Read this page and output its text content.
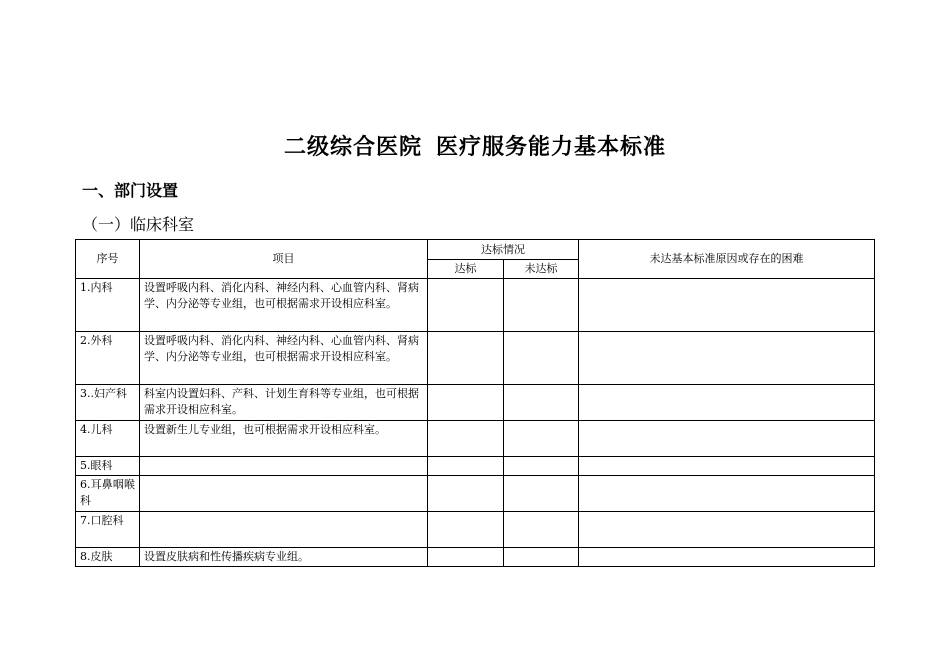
二级综合医院 医疗服务能力基本标准
一、部门设置
（一）临床科室
序号	项目	达标情况		未达基本标准原因或存在的困难
		达标	未达标	
1.内科	设置呼吸内科、消化内科、神经内科、心血管内科、肾病学、内分泌等专业组，也可根据需求开设相应科室。			
2.外科	设置呼吸内科、消化内科、神经内科、心血管内科、肾病学、内分泌等专业组，也可根据需求开设相应科室。			
3..妇产科	科室内设置妇科、产科、计划生育科等专业组，也可根据需求开设相应科室。			
4.儿科	设置新生儿专业组，也可根据需求开设相应科室。			
5.眼科				
6.耳鼻咽喉科				
7.口腔科				
8.皮肤	设置皮肤病和性传播疾病专业组。			
